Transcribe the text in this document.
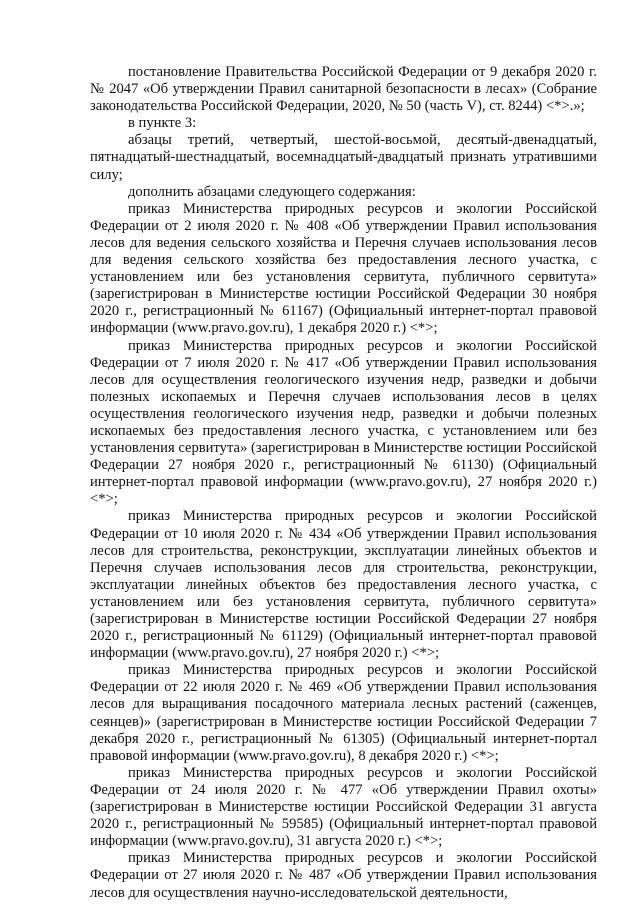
постановление Правительства Российской Федерации от 9 декабря 2020 г. № 2047 «Об утверждении Правил санитарной безопасности в лесах» (Собрание законодательства Российской Федерации, 2020, № 50 (часть V), ст. 8244) <*>.»;

в пункте 3:

абзацы третий, четвертый, шестой-восьмой, десятый-двенадцатый, пятнадцатый-шестнадцатый, восемнадцатый-двадцатый признать утратившими силу;

дополнить абзацами следующего содержания:

приказ Министерства природных ресурсов и экологии Российской Федерации от 2 июля 2020 г. № 408 «Об утверждении Правил использования лесов для ведения сельского хозяйства и Перечня случаев использования лесов для ведения сельского хозяйства без предоставления лесного участка, с установлением или без установления сервитута, публичного сервитута» (зарегистрирован в Министерстве юстиции Российской Федерации 30 ноября 2020 г., регистрационный № 61167) (Официальный интернет-портал правовой информации (www.pravo.gov.ru), 1 декабря 2020 г.) <*>;

приказ Министерства природных ресурсов и экологии Российской Федерации от 7 июля 2020 г. № 417 «Об утверждении Правил использования лесов для осуществления геологического изучения недр, разведки и добычи полезных ископаемых и Перечня случаев использования лесов в целях осуществления геологического изучения недр, разведки и добычи полезных ископаемых без предоставления лесного участка, с установлением или без установления сервитута» (зарегистрирован в Министерстве юстиции Российской Федерации 27 ноября 2020 г., регистрационный № 61130) (Официальный интернет-портал правовой информации (www.pravo.gov.ru), 27 ноября 2020 г.) <*>;

приказ Министерства природных ресурсов и экологии Российской Федерации от 10 июля 2020 г. № 434 «Об утверждении Правил использования лесов для строительства, реконструкции, эксплуатации линейных объектов и Перечня случаев использования лесов для строительства, реконструкции, эксплуатации линейных объектов без предоставления лесного участка, с установлением или без установления сервитута, публичного сервитута» (зарегистрирован в Министерстве юстиции Российской Федерации 27 ноября 2020 г., регистрационный № 61129) (Официальный интернет-портал правовой информации (www.pravo.gov.ru), 27 ноября 2020 г.) <*>;

приказ Министерства природных ресурсов и экологии Российской Федерации от 22 июля 2020 г. № 469 «Об утверждении Правил использования лесов для выращивания посадочного материала лесных растений (саженцев, сеянцев)» (зарегистрирован в Министерстве юстиции Российской Федерации 7 декабря 2020 г., регистрационный № 61305) (Официальный интернет-портал правовой информации (www.pravo.gov.ru), 8 декабря 2020 г.) <*>;

приказ Министерства природных ресурсов и экологии Российской Федерации от 24 июля 2020 г. № 477 «Об утверждении Правил охоты» (зарегистрирован в Министерстве юстиции Российской Федерации 31 августа 2020 г., регистрационный № 59585) (Официальный интернет-портал правовой информации (www.pravo.gov.ru), 31 августа 2020 г.) <*>;

приказ Министерства природных ресурсов и экологии Российской Федерации от 27 июля 2020 г. № 487 «Об утверждении Правил использования лесов для осуществления научно-исследовательской деятельности,
